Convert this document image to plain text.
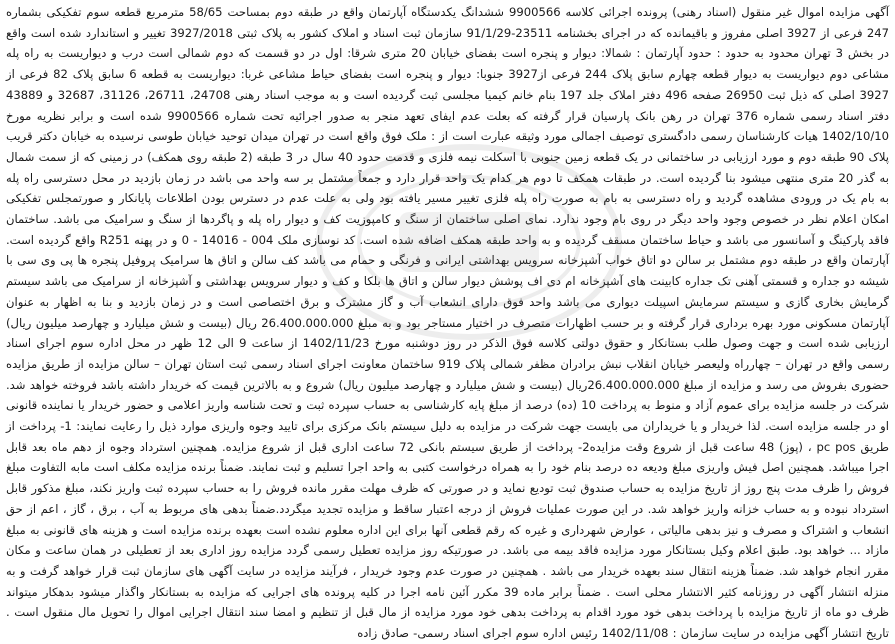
آگهی مزایده اموال غیر منقول (اسناد رهنی) پرونده اجرائی کلاسه 9900566 ششدانگ یکدستگاه آپارتمان واقع در طبقه دوم بمساحت 58/65 مترمربع قطعه سوم تفکیکی بشماره 247 فرعی از 3927 اصلی مفروز و باقیمانده که در اجرای بخشنامه 23511-91/1/29 سازمان ثبت اسناد و املاک کشور به پلاک ثبتی 3927/2018 تغییر و استاندارد شده است واقع در بخش 3 تهران محدود به حدود : حدود آپارتمان : شمالا: دیوار و پنجره است بفضای خیابان 20 متری شرقا: اول در دو قسمت که دوم شمالی است درب و دیواریست به راه پله مشاعی دوم دیواریست به دیوار قطعه چهارم سابق پلاک 244 فرعی از3927 جنوبا: دیوار و پنجره است بفضای حیاط مشاعی غربا: دیواریست به قطعه 6 سابق پلاک 82 فرعی از 3927 اصلی که ذیل ثبت 26950 صفحه 496 دفتر املاک جلد 197 بنام خانم کیمیا مجلسی ثبت گردیده است و به موجب اسناد رهنی 24708، 26711، 31126، 32687 و 43889 دفتر اسناد رسمی شماره 376 تهران در رهن بانک پارسیان قرار گرفته که بعلت عدم ایفای تعهد منجر به صدور اجرائیه تحت شماره 9900566 شده است و برابر نظریه مورخ 1402/10/10 هیات کارشناسان رسمی دادگستری توصیف اجمالی مورد وثیقه عبارت است از : ملک فوق واقع است در تهران میدان توحید خیابان طوسی نرسیده به خیابان دکتر قریب پلاک 90 طبقه دوم و مورد ارزیابی در ساختمانی در یک قطعه زمین جنوبی با اسکلت نیمه فلزی و قدمت حدود 40 سال در 3 طبقه (2 طبقه روی همکف) در زمینی که از سمت شمال به گذر 20 متری منتهی میشود بنا گردیده است. در طبقات همکف تا دوم هر کدام یک واحد قرار دارد و جمعاً مشتمل بر سه واحد می باشد در زمان بازدید در محل دسترسی راه پله به بام یک در ورودی مشاهده گردید و راه دسترسی به بام به صورت راه پله فلزی تغییر مسیر یافته بود ولی به علت عدم در دسترس بودن اطلاعات پایانکار و صورتمجلس تفکیکی امکان اعلام نظر در خصوص وجود واحد دیگر در روی بام وجود ندارد. نمای اصلی ساختمان از سنگ و کامپوزیت کف و دیوار راه پله و پاگردها از سنگ و سرامیک می باشد. ساختمان فاقد پارکینگ و آسانسور می باشد و حیاط ساختمان مسقف گردیده و به واحد طبقه همکف اضافه شده است. کد نوسازی ملک 004 - 14016 - 0 و در پهنه R251 واقع گردیده است. آپارتمان واقع در طبقه دوم مشتمل بر سالن دو اتاق خواب آشپزخانه سرویس بهداشتی ایرانی و فرنگی و حمام می باشد کف سالن و اتاق ها سرامیک پروفیل پنجره ها پی وی سی با شیشه دو جداره و قسمتی آهنی تک جداره کابینت های آشپزخانه ام دی اف پوشش دیوار سالن و اتاق ها بلکا و کف و دیوار سرویس بهداشتی و آشپزخانه از سرامیک می باشد سیستم گرمایش بخاری گازی و سیستم سرمایش اسپیلت دیواری می باشد واحد فوق دارای انشعاب آب و گاز مشترک و برق اختصاصی است و در زمان بازدید و بنا به اظهار به عنوان آپارتمان مسکونی مورد بهره برداری قرار گرفته و بر حسب اظهارات متصرف در اختیار مستاجر بود و به مبلغ 26.400.000.000 ریال (بیست و شش میلیارد و چهارصد میلیون ریال) ارزیابی شده است و جهت وصول طلب بستانکار و حقوق دولتی کلاسه فوق الذکر در روز دوشنبه مورخ 1402/11/23 از ساعت 9 الی 12 ظهر در محل اداره سوم اجرای اسناد رسمی واقع در تهران – چهارراه ولیعصر خیابان انقلاب نبش برادران مظفر شمالی پلاک 919 ساختمان معاونت اجرای اسناد رسمی ثبت استان تهران – سالن مزایده از طریق مزایده حضوری بفروش می رسد و مزایده از مبلغ 26.400.000.000ریال (بیست و شش میلیارد و چهارصد میلیون ریال) شروع و به بالاترین قیمت که خریدار داشته باشد فروخته خواهد شد. شرکت در جلسه مزایده برای عموم آزاد و منوط به پرداخت 10 (ده) درصد از مبلغ پایه کارشناسی به حساب سپرده ثبت و تحت شناسه واریز اعلامی و حضور خریدار یا نماینده قانونی او در جلسه مزایده است. لذا خریدار و یا خریداران می بایست جهت شرکت در مزایده به دلیل سیستم بانک مرکزی برای تایید وجوه واریزی موارد ذیل را رعایت نمایند: 1- پرداخت از طریق pc pos ، (پوز) 48 ساعت قبل از شروع وقت مزایده2- پرداخت از طریق سیستم بانکی 72 ساعت اداری قبل از شروع مزایده. همچنین استرداد وجوه از دهم ماه بعد قابل اجرا میباشد. همچنین اصل فیش واریزی مبلغ ودیعه ده درصد بنام خود را به همراه درخواست کتبی به واحد اجرا تسلیم و ثبت نمایند. ضمناً برنده مزایده مکلف است مابه التفاوت مبلغ فروش را ظرف مدت پنج روز از تاریخ مزایده به حساب صندوق ثبت تودیع نماید و در صورتی که ظرف مهلت مقرر مانده فروش را به حساب سپرده ثبت واریز نکند، مبلغ مذکور قابل استرداد نبوده و به حساب خزانه واریز خواهد شد. در این صورت عملیات فروش از درجه اعتبار ساقط و مزایده تجدید میگردد.ضمناً بدهی های مربوط به آب ، برق ، گاز ، اعم از حق انشعاب و اشتراک و مصرف و نیز بدهی مالیاتی ، عوارض شهرداری و غیره که رقم قطعی آنها برای این اداره معلوم نشده است بعهده برنده مزایده است و هزینه های قانونی به مبلغ مازاد ... خواهد بود. طبق اعلام وکیل بستانکار مورد مزایده فاقد بیمه می باشد. در صورتیکه روز مزایده تعطیل رسمی گردد مزایده روز اداری بعد از تعطیلی در همان ساعت و مکان مقرر انجام خواهد شد. ضمناً هزینه انتقال سند بعهده خریدار می باشد . همچنین در صورت عدم وجود خریدار ، فرآیند مزایده در سایت آگهی های سازمان ثبت قرار خواهد گرفت و به منزله انتشار آگهی در روزنامه کثیر الانتشار محلی است . ضمناً برابر ماده 39 مکرر آئین نامه اجرا در کلیه پرونده های اجرایی که مزایده به بستانکار واگذار میشود بدهکار میتواند ظرف دو ماه از تاریخ مزایده با پرداخت بدهی خود مورد اقدام به پرداخت بدهی خود مورد مزایده از مال قبل از تنظیم و امضا سند انتقال اجرایی اموال را تحویل مال منقول است . تاریخ انتشار آگهی مزایده در سایت سازمان : 1402/11/08 رئیس اداره سوم اجرای اسناد رسمی- صادق زاده
